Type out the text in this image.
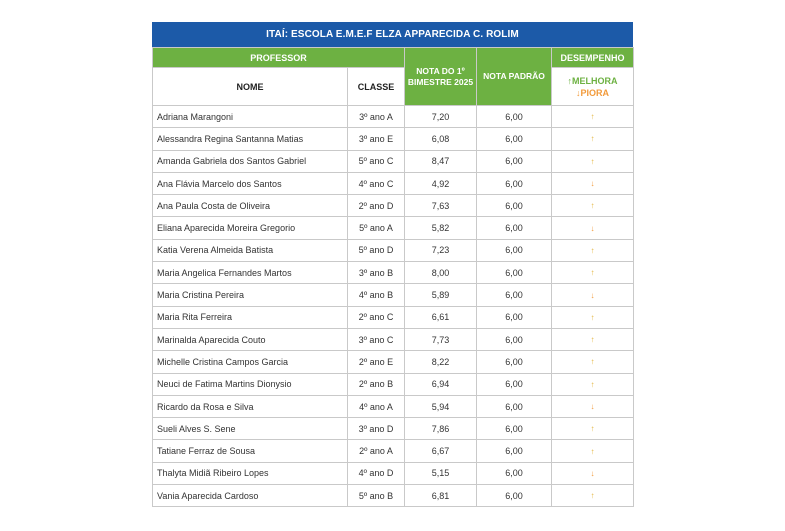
ITAÍ: ESCOLA E.M.E.F ELZA APPARECIDA C. ROLIM
PROFESSOR		NOTA DO 1º BIMESTRE 2025	NOTA PADRÃO	DESEMPENHO
NOME	CLASSE			↑MELHORA
↓PIORA

Adriana Marangoni	3º ano A	7,20	6,00	↑
Alessandra Regina Santanna Matias	3º ano E	6,08	6,00	↑
Amanda Gabriela dos Santos Gabriel	5º ano C	8,47	6,00	↑
Ana Flávia Marcelo dos Santos	4º ano C	4,92	6,00	↓
Ana Paula Costa de Oliveira	2º ano D	7,63	6,00	↑
Eliana Aparecida Moreira Gregorio	5º ano A	5,82	6,00	↓
Katia Verena Almeida Batista	5º ano D	7,23	6,00	↑
Maria Angelica Fernandes Martos	3º ano B	8,00	6,00	↑
Maria Cristina Pereira	4º ano B	5,89	6,00	↓
Maria Rita Ferreira	2º ano C	6,61	6,00	↑
Marinalda Aparecida Couto	3º ano C	7,73	6,00	↑
Michelle Cristina Campos Garcia	2º ano E	8,22	6,00	↑
Neuci de Fatima Martins Dionysio	2º ano B	6,94	6,00	↑
Ricardo da Rosa e Silva	4º ano A	5,94	6,00	↓
Sueli Alves S. Sene	3º ano D	7,86	6,00	↑
Tatiane Ferraz de Sousa	2º ano A	6,67	6,00	↑
Thalyta Midiã Ribeiro Lopes	4º ano D	5,15	6,00	↓
Vania Aparecida Cardoso	5º ano B	6,81	6,00	↑
